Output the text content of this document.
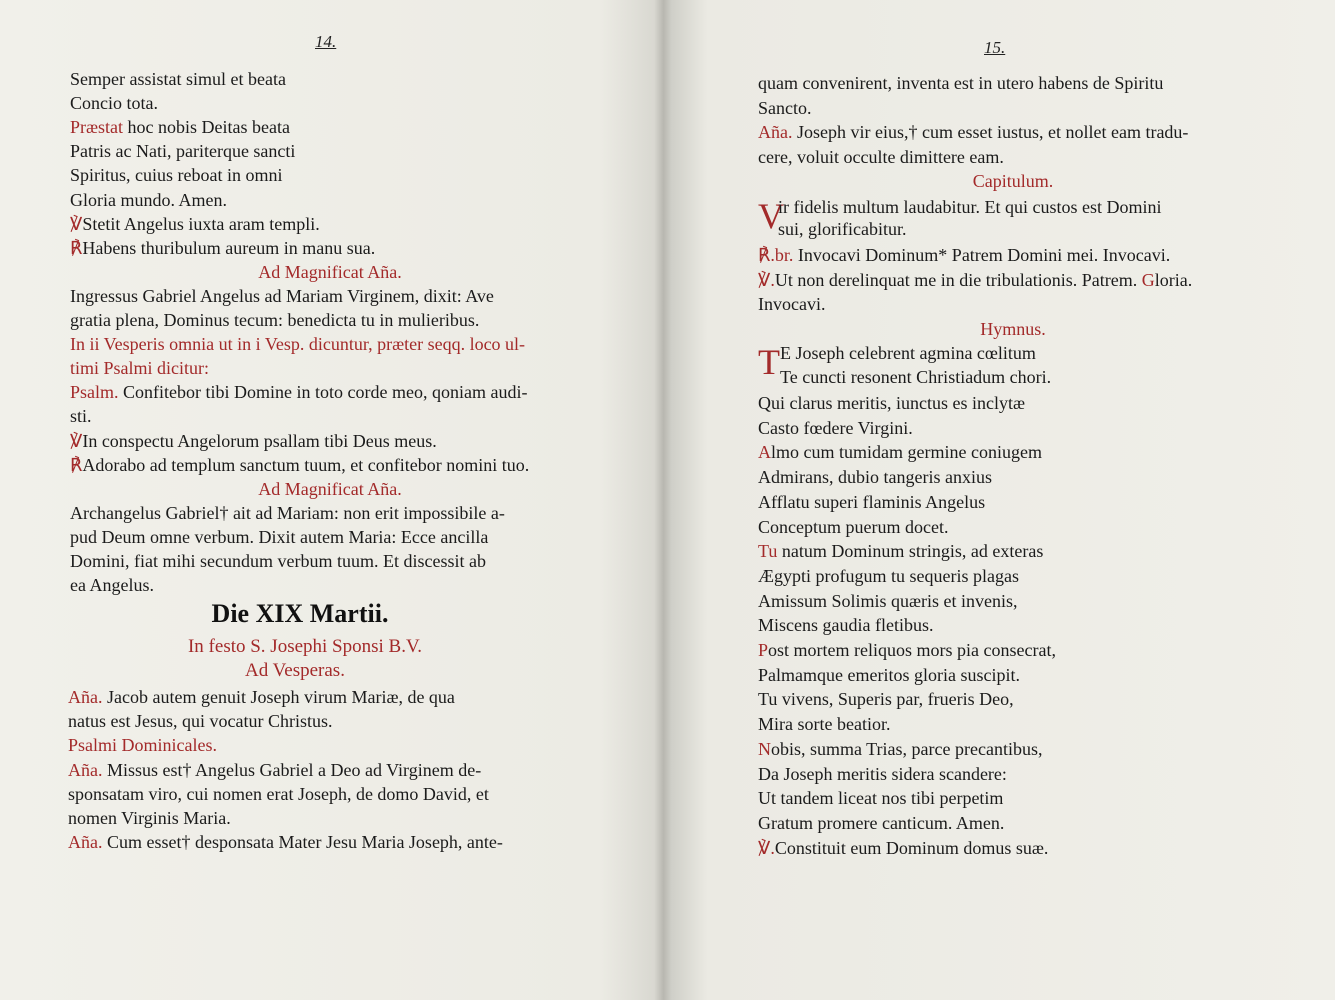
14.
Semper assistat simul et beata
Concio tota.
Præstat hoc nobis Deitas beata
Patris ac Nati, pariterque sancti
Spiritus, cuius reboat in omni
Gloria mundo. Amen.
℣Stetit Angelus iuxta aram templi.
℟Habens thuribulum aureum in manu sua.
Ad Magnificat Aña.
Ingressus Gabriel Angelus ad Mariam Virginem, dixit: Ave
gratia plena, Dominus tecum: benedicta tu in mulieribus.
In ii Vesperis omnia ut in i Vesp. dicuntur, præter seqq. loco ul-
timi Psalmi dicitur:
Psalm. Confitebor tibi Domine in toto corde meo, qoniam audi-
sti.
℣In conspectu Angelorum psallam tibi Deus meus.
℟Adorabo ad templum sanctum tuum, et confitebor nomini tuo.
Ad Magnificat Aña.
Archangelus Gabriel† ait ad Mariam: non erit impossibile a-
pud Deum omne verbum. Dixit autem Maria: Ecce ancilla
Domini, fiat mihi secundum verbum tuum. Et discessit ab
ea Angelus.
Die XIX Martii.
In festo S. Josephi Sponsi B.V.
Ad Vesperas.
Aña. Jacob autem genuit Joseph virum Mariæ, de qua
natus est Jesus, qui vocatur Christus.
Psalmi Dominicales.
Aña. Missus est† Angelus Gabriel a Deo ad Virginem de-
sponsatam viro, cui nomen erat Joseph, de domo David, et
nomen Virginis Maria.
Aña. Cum esset† desponsata Mater Jesu Maria Joseph, ante-
15.
quam convenirent, inventa est in utero habens de Spiritu
Sancto.
Aña. Joseph vir eius,† cum esset iustus, et nollet eam tradu-
cere, voluit occulte dimittere eam.
Capitulum.
V
ir fidelis multum laudabitur. Et qui custos est Domini
sui, glorificabitur.
℟.br. Invocavi Dominum* Patrem Domini mei. Invocavi.
℣.Ut non derelinquat me in die tribulationis. Patrem. Gloria.
Invocavi.
Hymnus.
T E Joseph celebrent agmina cœlitum
Te cuncti resonent Christiadum chori.
Qui clarus meritis, iunctus es inclytæ
Casto fœdere Virgini.
Almo cum tumidam germine coniugem
Admirans, dubio tangeris anxius
Afflatu superi flaminis Angelus
Conceptum puerum docet.
Tu natum Dominum stringis, ad exteras
Ægypti profugum tu sequeris plagas
Amissum Solimis quæris et invenis,
Miscens gaudia fletibus.
Post mortem reliquos mors pia consecrat,
Palmamque emeritos gloria suscipit.
Tu vivens, Superis par, frueris Deo,
Mira sorte beatior.
Nobis, summa Trias, parce precantibus,
Da Joseph meritis sidera scandere:
Ut tandem liceat nos tibi perpetim
Gratum promere canticum. Amen.
℣.Constituit eum Dominum domus suæ.
